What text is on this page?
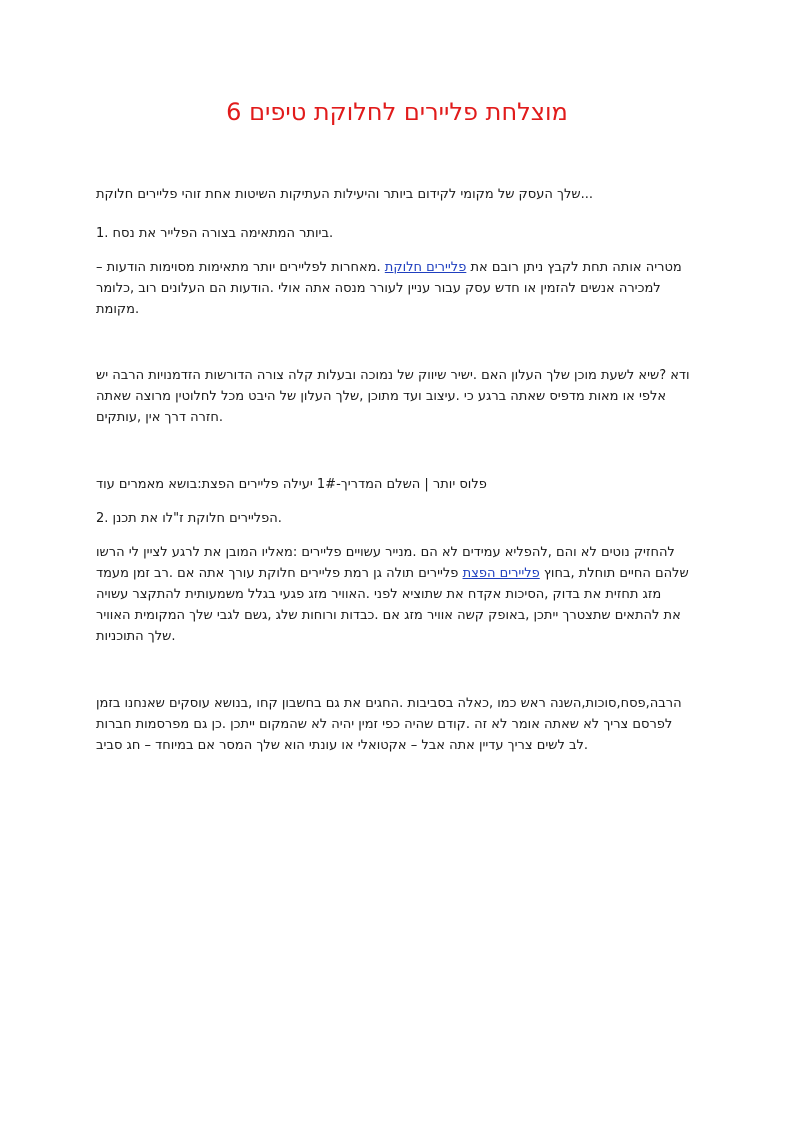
מוצלחת פליירים לחלוקת טיפים 6

שלך העסק של מקומי לקידום ביותר והיעילות העתיקות השיטות אחת זוהי פליירים חלוקת...

1. ביותר המתאימה בצורה הפלייר את נסח.

– מטריה אותה תחת לקבץ ניתן רובם את פליירים חלוקת .מאחרות לפליירים יותר מתאימות מסוימות הודעות
למכירה אנשים להזמין או חדש עסק עבור עניין לעורר מנסה אתה אולי .הודעות הם העלונים רוב ,כלומר
מקומת.

ודא ?שיא לשעת מוכן שלך העלון האם .ישיר שיווק של נמוכה ובעלות קלה צורה הדורשות הזדמנויות הרבה יש
אלפי או מאות מדפיס שאתה ברגע כי .עיצוב ועד מתוכן ,שלך העלון של היבט מכל לחלוטין מרוצה שאתה
חזרה דרך אין ,עותקים.

פלוס יותר | השלם המדריך-1# יעילה פליירים הפצת:בושא מאמרים עוד

2. הפליירים חלוקת ז"לו את תכנן.

להחזיק נוטים לא והם ,להפליא עמידים לא הם .מנייר עשויים פליירים :מאליו המובן את לרגע לציין לי הרשו
שלהם החיים תוחלת ,בחוץ פליירים הפצת פליירים תולה גן רמת פליירים חלוקת עורך אתה אם .רב זמן מעמד
מזג תחזית את בדוק ,הסיכות אקדח את שתוציא לפני .האוויר מזג פגעי בגלל משמעותית להתקצר עשויה
את להתאים שתצטרך ייתכן ,באופק קשה אוויר מזג אם .כבדות ורוחות שלג ,גשם לגבי שלך המקומית האוויר
שלך התוכניות.

הרבה,פסח,סוכות,השנה ראש כמו ,כאלה בסביבות .החגים את גם בחשבון קחו ,בנושא עוסקים שאנחנו בזמן
לפרסם צריך לא שאתה אומר לא זה .קודם שהיה כפי זמין יהיה לא שהמקום ייתכן .כן גם מפרסמות חברות
לב לשים צריך עדיין אתה אבל – אקטואלי או עונתי הוא שלך המסר אם במיוחד – חג סביב.
